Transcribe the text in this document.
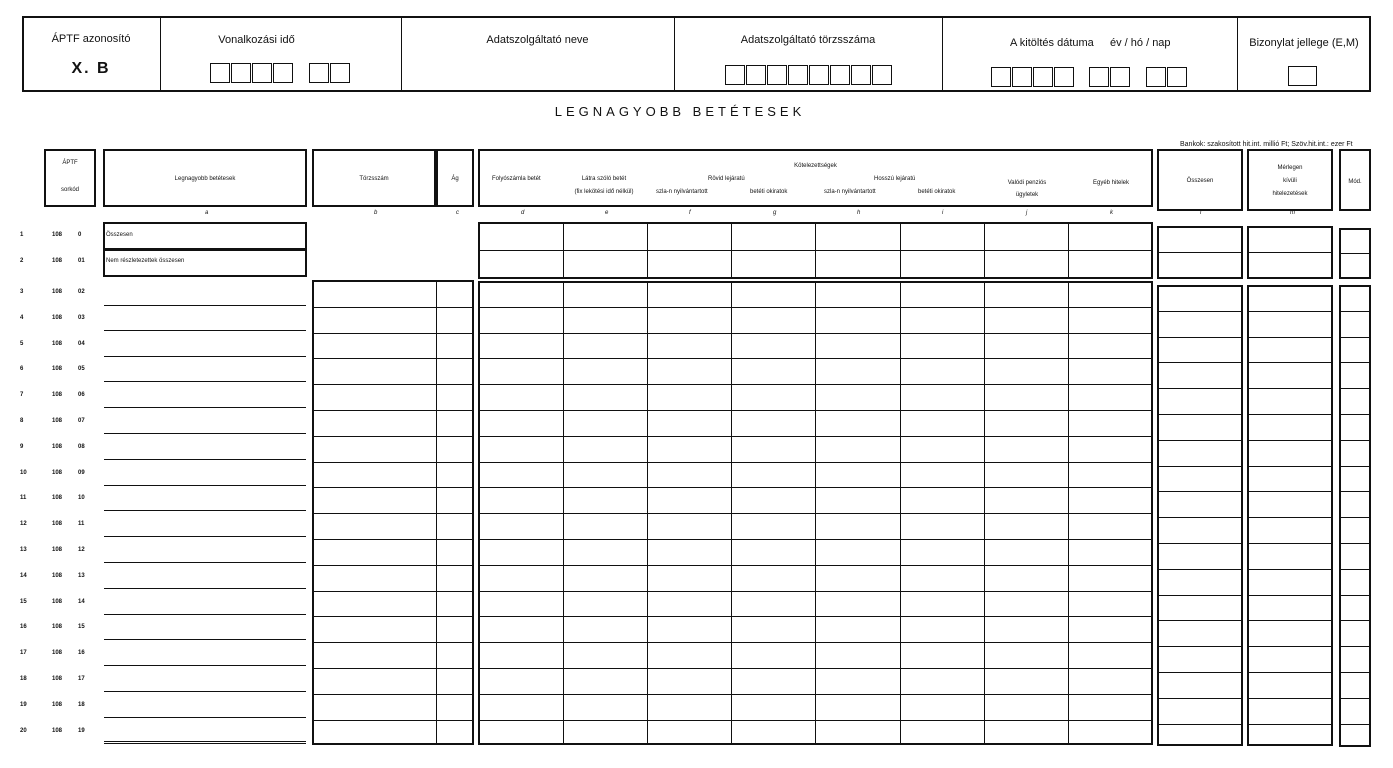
ÁPTF azonosító
X. B
Vonalkozási idő	Adatszolgáltató neve	Adatszolgáltató törzsszáma	A kitöltés dátuma év / hó / nap	Bizonylat jellege (E,M)
LEGNAGYOBB BETÉTESEK
Bankok: szakosított hit.int. millió Ft; Szöv.hit.int.: ezer Ft
ÁPTF
sorkód
Legnagyobb betétesek	Törzsszám	Ág
Kötelezettségek
Folyószámla betét	Látra szóló betét
(fix lekötési idő nélkül)
Rövid lejáratú
szla-n nyilvántartott	betéti okiratok
Hosszú lejáratú
szla-n nyilvántartott	betéti okiratok
Valódi penziós
ügyletek
Egyéb hitelek	Összesen
Mérlegen
kívüli
hitelezetések
Mód.
a	b	c	d	e	f	g	h	i	j	k	l	m
1	108	0	Összesen
2	108	01	Nem részletezettek összesen
3	108	02
4	108	03
5	108	04
6	108	05
7	108	06
8	108	07
9	108	08
10	108	09
11	108	10
12	108	11
13	108	12
14	108	13
15	108	14
16	108	15
17	108	16
18	108	17
19	108	18
20	108	19
